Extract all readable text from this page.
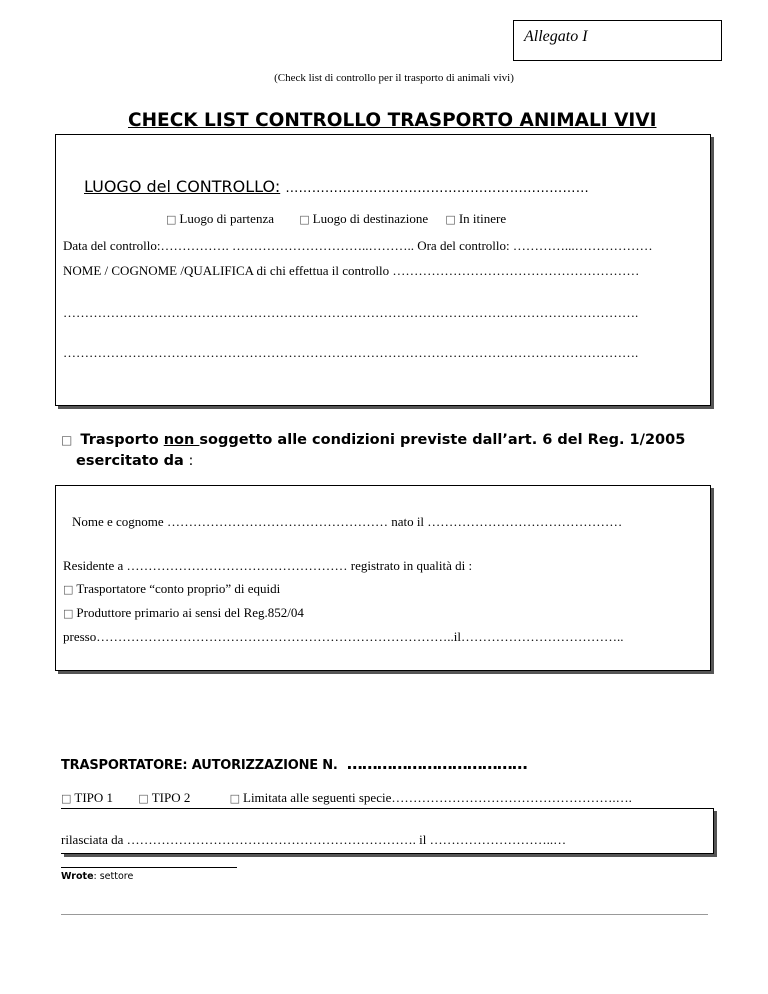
Allegato I
(Check list di controllo per il trasporto di animali vivi)
CHECK LIST CONTROLLO TRASPORTO ANIMALI VIVI
LUOGO del CONTROLLO: ……………………………………………………………
□ Luogo di partenza □ Luogo di destinazione □ In itinere
Data del controllo:……………. …………………………..……….. Ora del controllo: …………...………………
NOME / COGNOME /QUALIFICA di chi effettua il controllo …………………………………………………
…………………………………………………………………………………………………………………….
…………………………………………………………………………………………………………………….
□ Trasporto non soggetto alle condizioni previste dall’art. 6 del Reg. 1/2005
esercitato da :
Nome e cognome …………………………………………… nato il ………………………………………
Residente a …………………………………………… registrato in qualità di :
□ Trasportatore “conto proprio” di equidi
□ Produttore primario ai sensi del Reg.852/04
presso………………………………………………………………………..il………………………………..
TRASPORTATORE: AUTORIZZAZIONE N. ………………………………
□ TIPO 1 □ TIPO 2	□ Limitata alle seguenti specie…………………………………………….….
rilasciata da …………………………………………………………. il ………………………..…
Wrote: settore
